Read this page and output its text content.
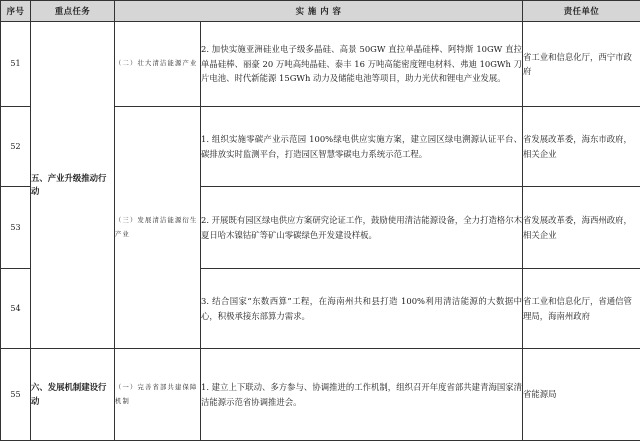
序号	重点任务	实 施 内 容		责任单位
51	五、产业升级推动行动	（二）壮大清洁能源产业	2. 加快实施亚洲硅业电子级多晶硅、高景 50GW 直拉单晶硅棒、阿特斯 10GW 直拉单晶硅棒、丽豪 20 万吨高纯晶硅、泰丰 16 万吨高能密度锂电材料、弗迪 10GWh 刀片电池、时代新能源 15GWh 动力及储能电池等项目，助力光伏和锂电产业发展。	省工业和信息化厅，西宁市政府
52		（三）发展清洁能源衍生产业	1. 组织实施零碳产业示范园 100%绿电供应实施方案，建立园区绿电溯源认证平台、碳排放实时监测平台，打造园区智慧零碳电力系统示范工程。	省发展改革委，海东市政府，相关企业
53			2. 开展既有园区绿电供应方案研究论证工作，鼓励使用清洁能源设备，全力打造格尔木夏日哈木镍钴矿等矿山零碳绿色开发建设样板。	省发展改革委，海西州政府，相关企业
54			3. 结合国家“东数西算”工程，在海南州共和县打造 100%利用清洁能源的大数据中心，积极承接东部算力需求。	省工业和信息化厅，省通信管理局，海南州政府
55	六、发展机制建设行动	（一）完善省部共建保障机制	1. 建立上下联动、多方参与、协调推进的工作机制，组织召开年度省部共建青海国家清洁能源示范省协调推进会。	省能源局
